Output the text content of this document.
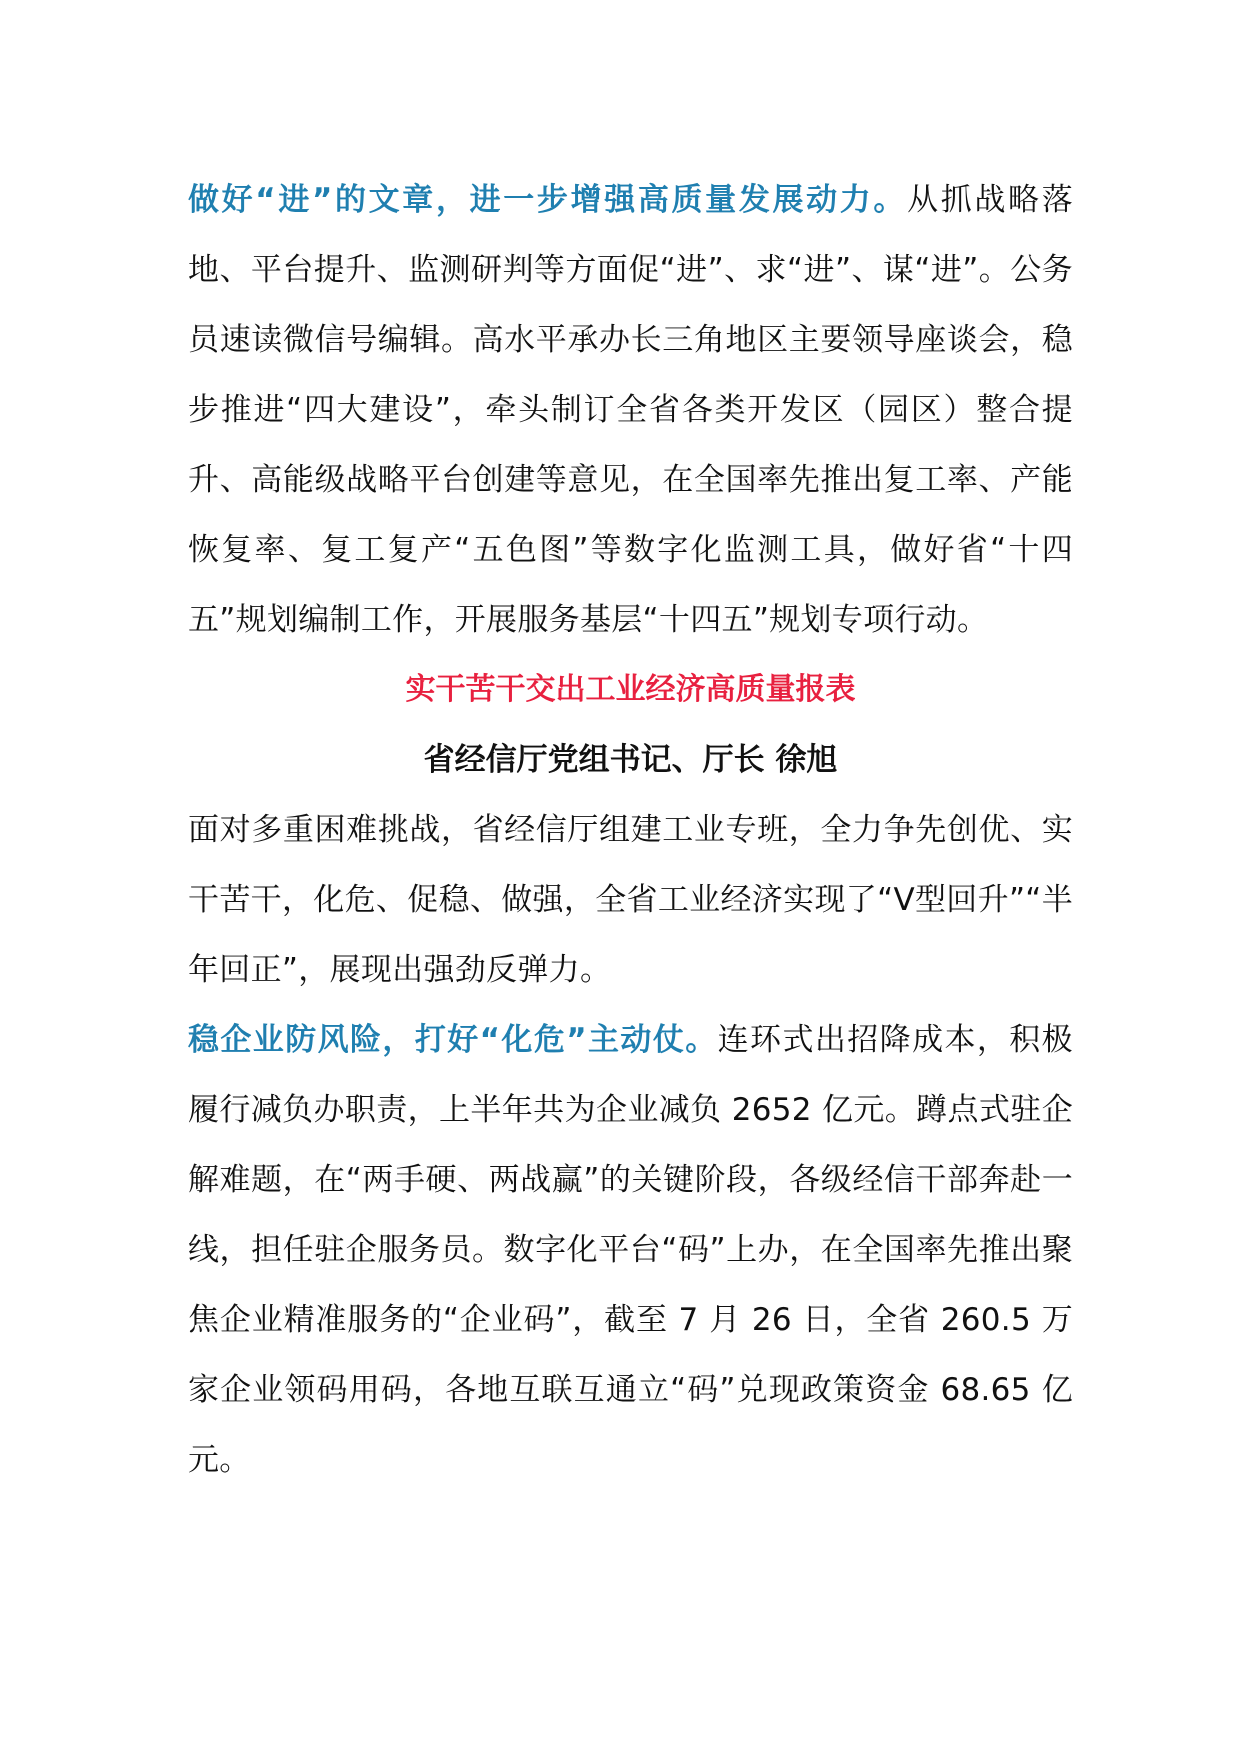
做好“进”的文章，进一步增强高质量发展动力。从抓战略落地、平台提升、监测研判等方面促“进”、求“进”、谋“进”。公务员速读微信号编辑。高水平承办长三角地区主要领导座谈会，稳步推进“四大建设”，牵头制订全省各类开发区（园区）整合提升、高能级战略平台创建等意见，在全国率先推出复工率、产能恢复率、复工复产“五色图”等数字化监测工具，做好省“十四五”规划编制工作，开展服务基层“十四五”规划专项行动。

实干苦干交出工业经济高质量报表

省经信厅党组书记、厅长 徐旭

面对多重困难挑战，省经信厅组建工业专班，全力争先创优、实干苦干，化危、促稳、做强，全省工业经济实现了“V型回升”“半年回正”，展现出强劲反弹力。

稳企业防风险，打好“化危”主动仗。连环式出招降成本，积极履行减负办职责，上半年共为企业减负 2652 亿元。蹲点式驻企解难题，在“两手硬、两战赢”的关键阶段，各级经信干部奔赴一线，担任驻企服务员。数字化平台“码”上办，在全国率先推出聚焦企业精准服务的“企业码”，截至 7 月 26 日，全省 260.5 万家企业领码用码，各地互联互通立“码”兑现政策资金 68.65 亿元。
